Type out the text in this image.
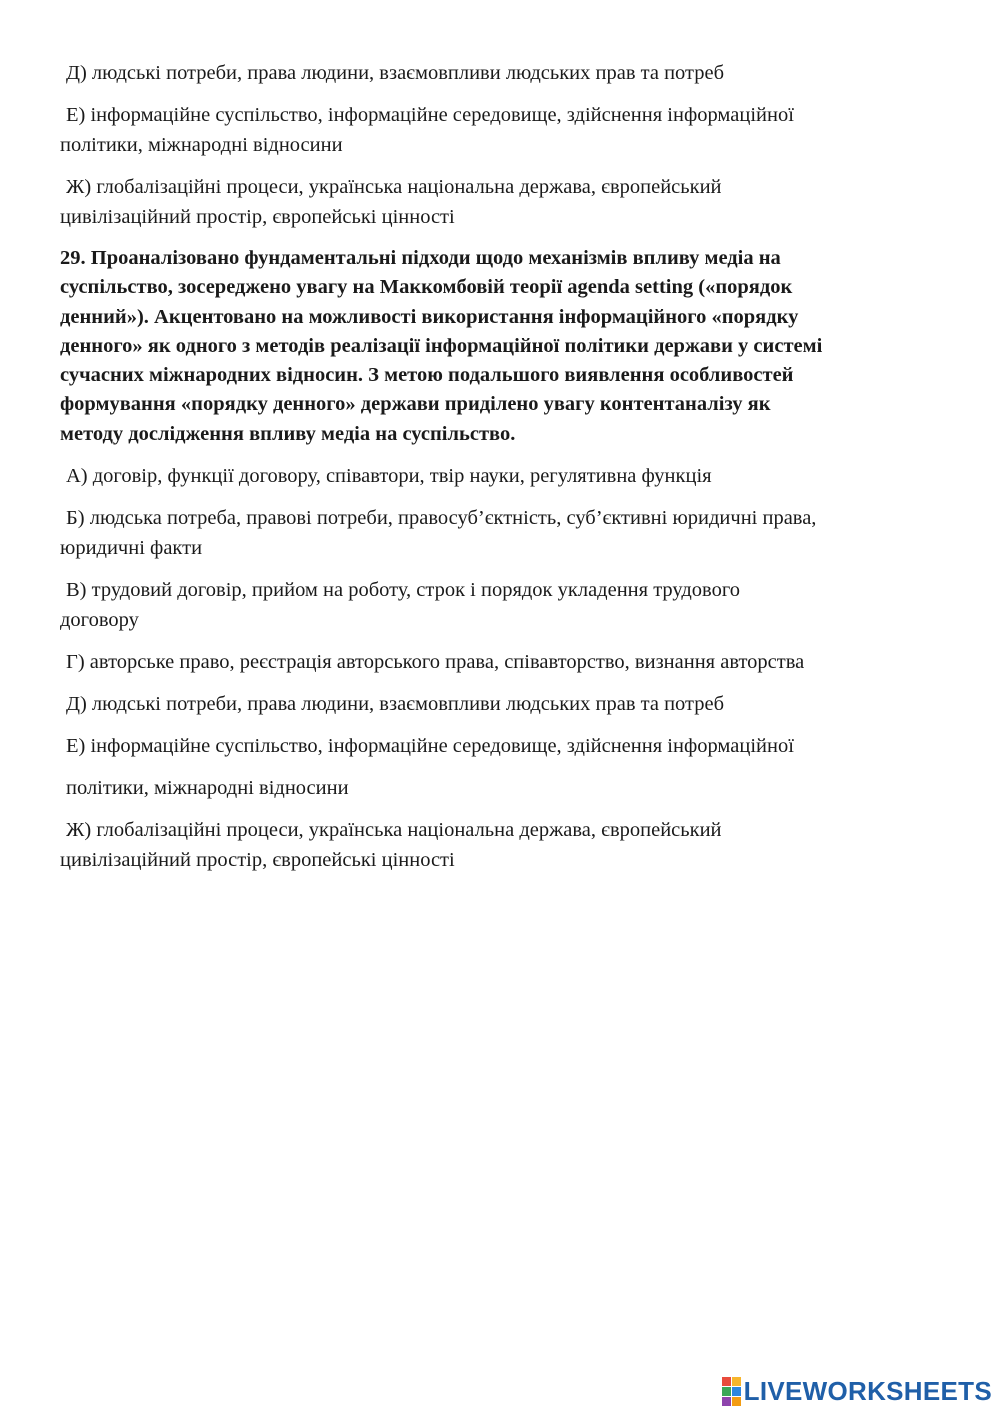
Д) людські потреби, права людини, взаємовпливи людських прав та потреб

Е) інформаційне суспільство, інформаційне середовище, здійснення інформаційної

політики, міжнародні відносини

Ж) глобалізаційні процеси, українська національна держава, європейський

цивілізаційний простір, європейські цінності

29. Проаналізовано фундаментальні підходи щодо механізмів впливу медіа на

суспільство, зосереджено увагу на Маккомбовій теорії agenda setting («порядок

денний»). Акцентовано на можливості використання інформаційного «порядку

денного» як одного з методів реалізації інформаційної політики держави у системі

сучасних міжнародних відносин. З метою подальшого виявлення особливостей

формування «порядку денного» держави приділено увагу контентаналізу як

методу дослідження впливу медіа на суспільство.

А) договір, функції договору, співавтори, твір науки, регулятивна функція

Б) людська потреба, правові потреби, правосуб’єктність, суб’єктивні юридичні права,

юридичні факти

В) трудовий договір, прийом на роботу, строк і порядок укладення трудового

договору

Г) авторське право, реєстрація авторського права, співавторство, визнання авторства

Д) людські потреби, права людини, взаємовпливи людських прав та потреб

Е) інформаційне суспільство, інформаційне середовище, здійснення інформаційної

політики, міжнародні відносини

Ж) глобалізаційні процеси, українська національна держава, європейський

цивілізаційний простір, європейські цінності

LIVEWORKSHEETS
